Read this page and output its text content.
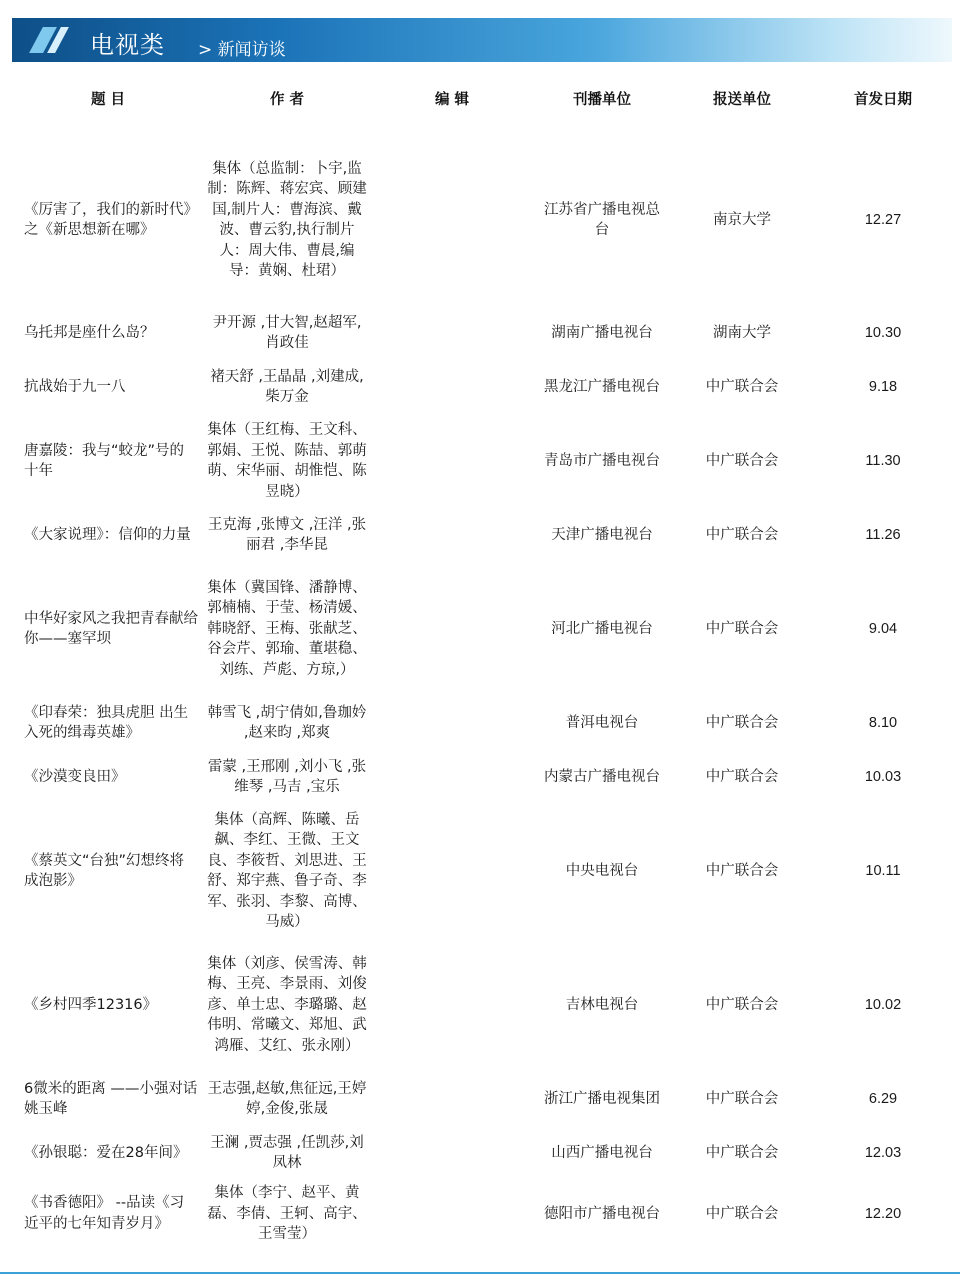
电视类 > 新闻访谈
题 目	作 者	编 辑	刊播单位	报送单位	首发日期

《厉害了，我们的新时代》之《新思想新在哪》	集体（总监制：卜宇,监制：陈辉、蒋宏宾、顾建国,制片人：曹海滨、戴波、曹云豹,执行制片人：周大伟、曹晨,编导：黄娴、杜珺）		江苏省广播电视总台	南京大学	12.27
乌托邦是座什么岛？	尹开源 ,甘大智,赵超军,肖政佳		湖南广播电视台	湖南大学	10.30
抗战始于九一八	褚天舒 ,王晶晶 ,刘建成,柴万金		黑龙江广播电视台	中广联合会	9.18
唐嘉陵：我与“蛟龙”号的十年	集体（王红梅、王文科、郭娟、王悦、陈喆、郭萌萌、宋华丽、胡惟恺、陈昱晓）		青岛市广播电视台	中广联合会	11.30
《大家说理》：信仰的力量	王克海 ,张博文 ,汪洋 ,张丽君 ,李华昆		天津广播电视台	中广联合会	11.26
中华好家风之我把青春献给你——塞罕坝	集体（冀国锋、潘静博、郭楠楠、于莹、杨清媛、韩晓舒、王梅、张献芝、谷会芹、郭瑜、董堪稳、刘练、芦彪、方琼,）		河北广播电视台	中广联合会	9.04
《印春荣：独具虎胆 出生入死的缉毒英雄》	韩雪飞 ,胡宁倩如,鲁珈妗 ,赵来昀 ,郑爽		普洱电视台	中广联合会	8.10
《沙漠变良田》	雷蒙 ,王邢刚 ,刘小飞 ,张维琴 ,马吉 ,宝乐		内蒙古广播电视台	中广联合会	10.03
《蔡英文“台独”幻想终将成泡影》	集体（高辉、陈曦、岳飙、李红、王微、王文良、李筱哲、刘思进、王舒、郑宇燕、鲁子奇、李军、张羽、李黎、高博、马威）		中央电视台	中广联合会	10.11
《乡村四季12316》	集体（刘彦、侯雪涛、韩梅、王亮、李景雨、刘俊彦、单士忠、李璐璐、赵伟明、常曦文、郑旭、武鸿雁、艾红、张永刚）		吉林电视台	中广联合会	10.02
6微米的距离 ——小强对话姚玉峰	王志强,赵敏,焦征远,王婷婷,金俊,张晟		浙江广播电视集团	中广联合会	6.29
《孙银聪：爱在28年间》	王澜 ,贾志强 ,任凯莎,刘凤林		山西广播电视台	中广联合会	12.03
《书香德阳》 --品读《习近平的七年知青岁月》	集体（李宁、赵平、黄磊、李倩、王轲、高宇、王雪莹）		德阳市广播电视台	中广联合会	12.20
